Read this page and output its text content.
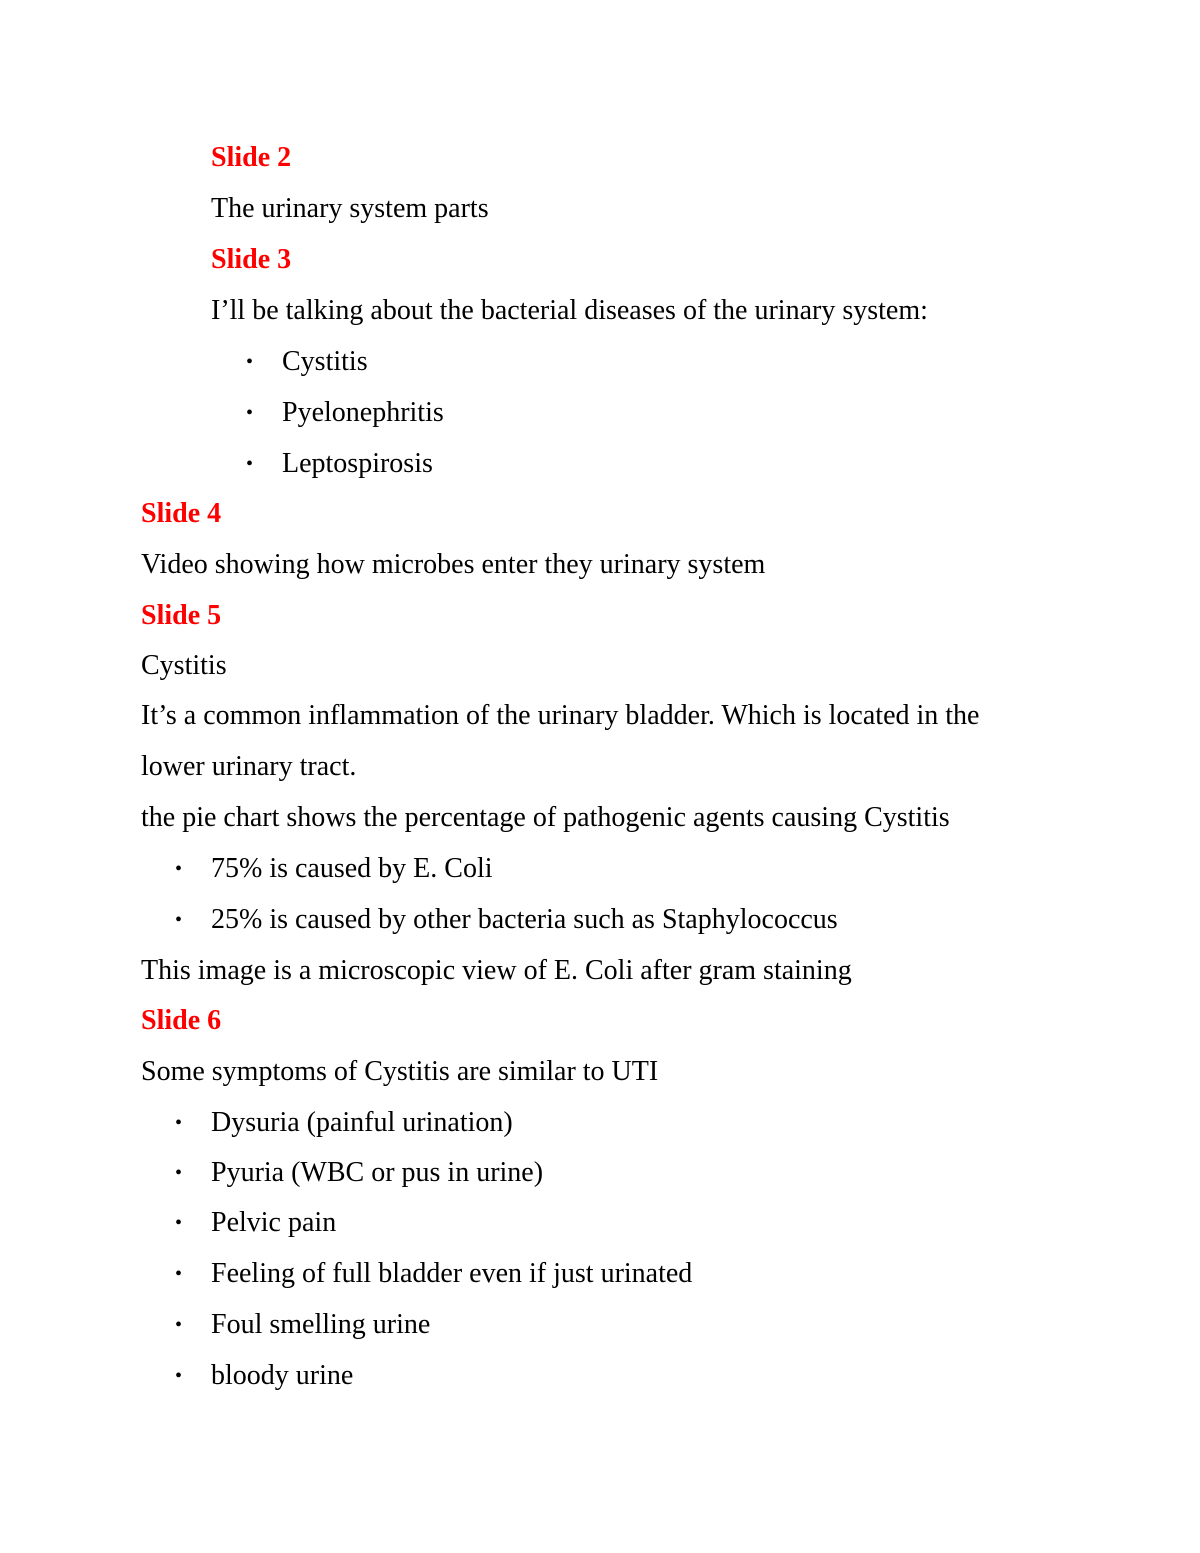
Slide 2
The urinary system parts
Slide 3
I’ll be talking about the bacterial diseases of the urinary system:
• Cystitis
• Pyelonephritis
• Leptospirosis
Slide 4
Video showing how microbes enter they urinary system
Slide 5
Cystitis
It’s a common inflammation of the urinary bladder. Which is located in the
lower urinary tract.
the pie chart shows the percentage of pathogenic agents causing Cystitis
• 75% is caused by E. Coli
• 25% is caused by other bacteria such as Staphylococcus
This image is a microscopic view of E. Coli after gram staining
Slide 6
Some symptoms of Cystitis are similar to UTI
• Dysuria (painful urination)
• Pyuria (WBC or pus in urine)
• Pelvic pain
• Feeling of full bladder even if just urinated
• Foul smelling urine
• bloody urine
